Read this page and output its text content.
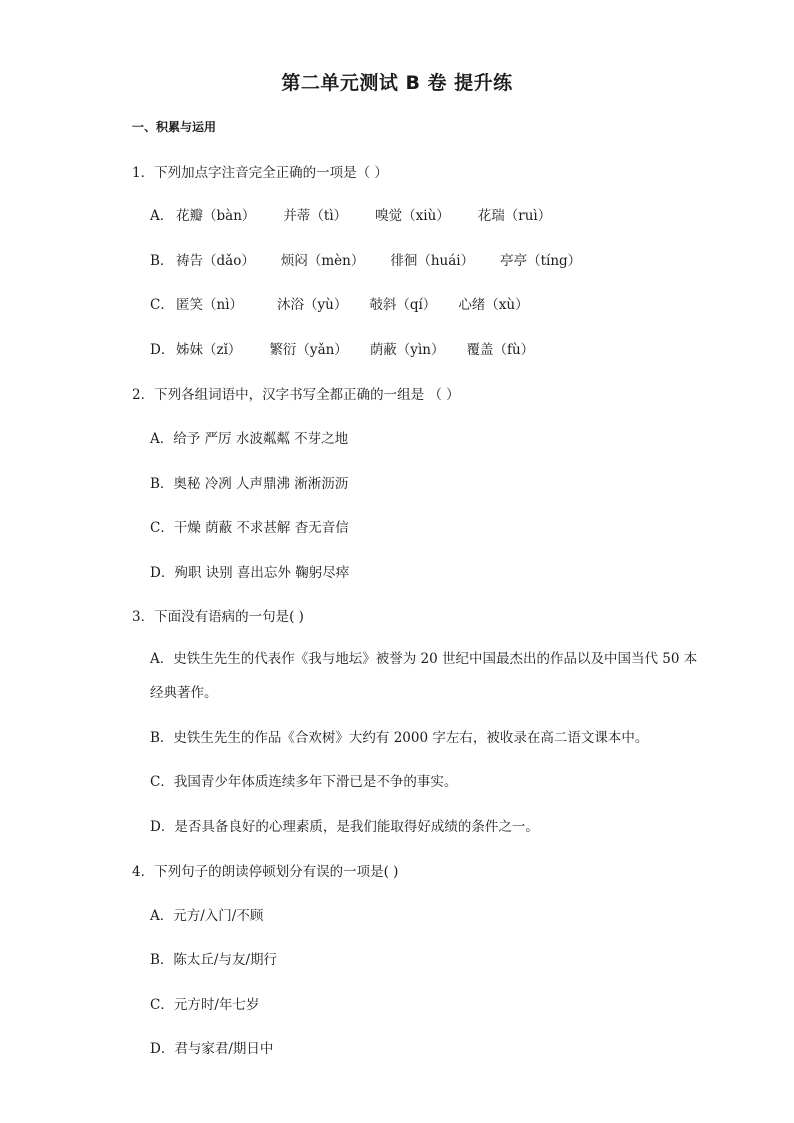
第二单元测试 B 卷 提升练
一、积累与运用
1．下列加点字注音完全正确的一项是（ ）
A． 花瓣（bàn） 并蒂（tì） 嗅觉（xiù） 花瑞（ruì）
B． 祷告（dǎo） 烦闷（mèn） 徘徊（huái） 亭亭（tíng）
C． 匿笑（nì）	沐浴（yù） 攲斜（qí） 心绪（xù）
D． 姊妹（zǐ） 繁衍（yǎn） 荫蔽（yìn） 覆盖（fù）
2．下列各组词语中，汉字书写全都正确的一组是 （ ）
A．给予 严厉 水波粼粼 不芽之地
B．奥秘 冷冽 人声鼎沸 淅淅沥沥
C．干燥 荫蔽 不求甚解 杳无音信
D．殉职 诀别 喜出忘外 鞠躬尽瘁
3．下面没有语病的一句是( )
A．史铁生先生的代表作《我与地坛》被誉为 20 世纪中国最杰出的作品以及中国当代 50 本经典著作。
B．史铁生先生的作品《合欢树》大约有 2000 字左右，被收录在高二语文课本中。
C．我国青少年体质连续多年下滑已是不争的事实。
D．是否具备良好的心理素质，是我们能取得好成绩的条件之一。
4．下列句子的朗读停顿划分有误的一项是( )
A．元方/入门/不顾
B．陈太丘/与友/期行
C．元方时/年七岁
D．君与家君/期日中
